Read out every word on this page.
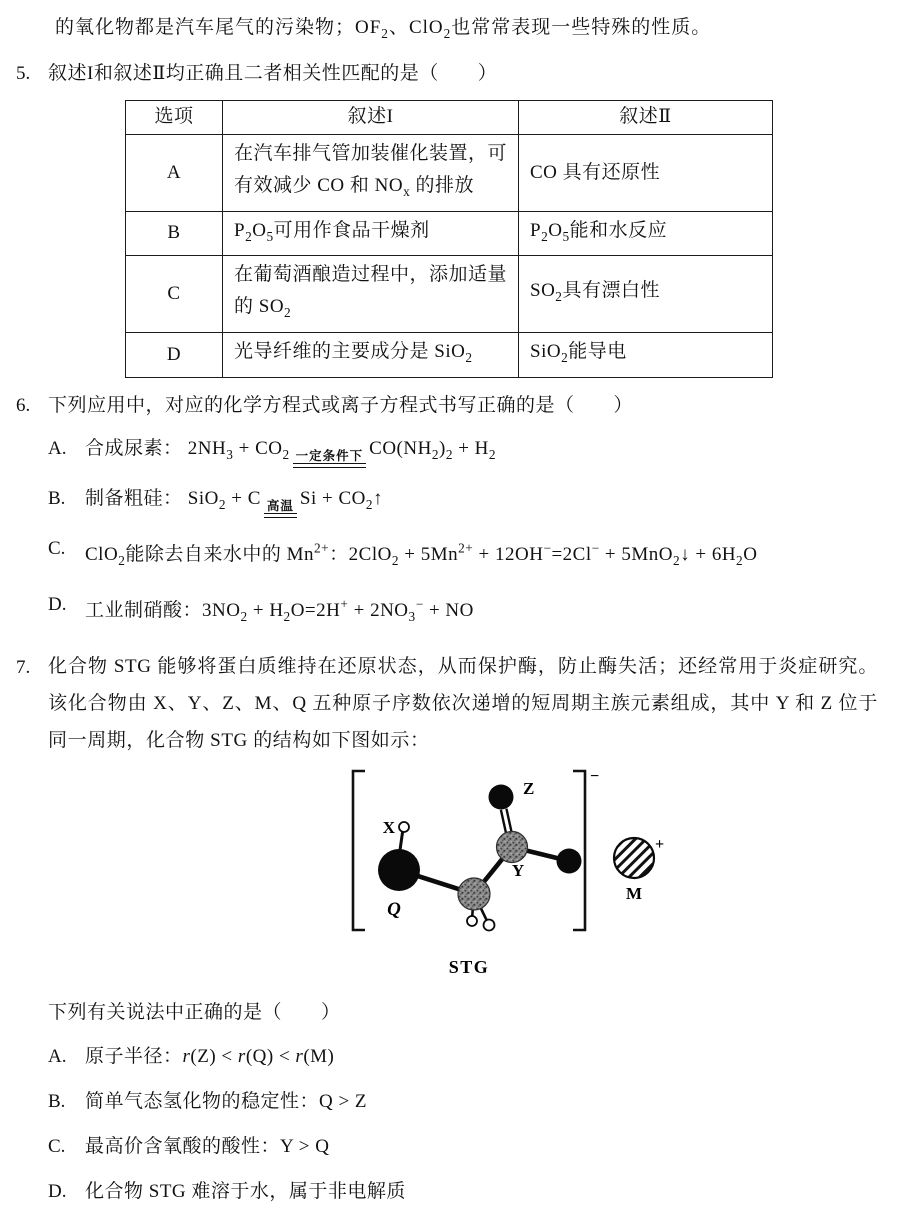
的氧化物都是汽车尾气的污染物；$OF_2$、ClO$_2$也常常表现一些特殊的性质。

5. 叙述I和叙述Ⅱ均正确且二者相关性匹配的是（　　）
选项	叙述I	叙述Ⅱ
A	在汽车排气管加装催化装置，可有效减少 CO 和 $NO_x$ 的排放	CO 具有还原性
B	$P_2O_5$可用作食品干燥剂	$P_2O_5$能和水反应
C	在葡萄酒酿造过程中，添加适量的 $SO_2$	$SO_2$具有漂白性
D	光导纤维的主要成分是 SiO$_2$	SiO$_2$能导电
6. 下列应用中，对应的化学方程式或离子方程式书写正确的是（　　）
A. 合成尿素： $2NH_3 + CO_2$ 一定条件下 $CO(NH_2)_2 + H_2$
B. 制备粗硅： SiO$_2$ + C 高温 $Si + CO_2↑$
C. ClO$_2$能除去自来水中的 $Mn^{2+}$：$2ClO_2 + 5Mn^{2+} + 12OH^-=2Cl^-$ + 5MnO$_2$↓ + $6H_2O$
D. 工业制硝酸：$3NO_2 + H_2O=2H^+ + 2NO_3^-$ + NO
7. 化合物 STG 能够将蛋白质维持在还原状态，从而保护酶，防止酶失活；还经常用于炎症研究。该化合物由 X、Y、Z、M、Q 五种原子序数依次递增的短周期主族元素组成，其中 Y 和 Z 位于同一周期，化合物 STG 的结构如下图如示：
−
X
Z
Y
Q
+
M
STG
下列有关说法中正确的是（　　）
A. 原子半径：r(Z) < r(Q) < r(M)
B. 简单气态氢化物的稳定性：Q > Z
C. 最高价含氧酸的酸性：Y > Q
D. 化合物 STG 难溶于水，属于非电解质
